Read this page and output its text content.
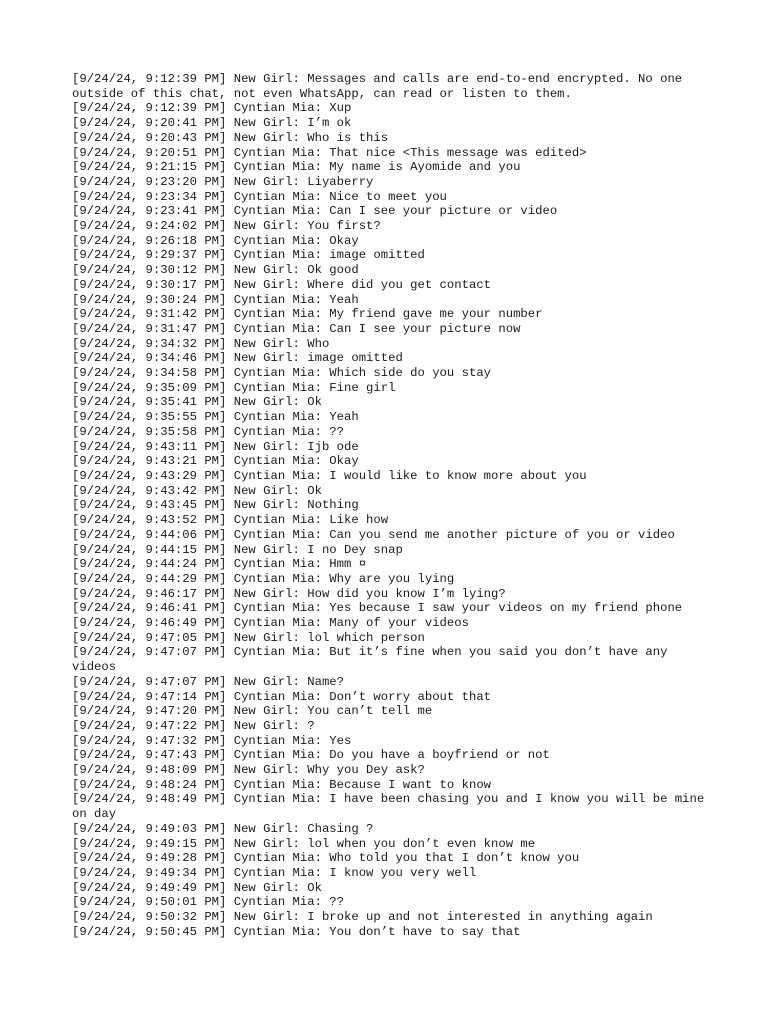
[9/24/24, 9:12:39 PM] New Girl: Messages and calls are end-to-end encrypted. No one outside of this chat, not even WhatsApp, can read or listen to them.
[9/24/24, 9:12:39 PM] Cyntian Mia: Xup
[9/24/24, 9:20:41 PM] New Girl: I’m ok
[9/24/24, 9:20:43 PM] New Girl: Who is this
[9/24/24, 9:20:51 PM] Cyntian Mia: That nice <This message was edited>
[9/24/24, 9:21:15 PM] Cyntian Mia: My name is Ayomide and you
[9/24/24, 9:23:20 PM] New Girl: Liyaberry
[9/24/24, 9:23:34 PM] Cyntian Mia: Nice to meet you
[9/24/24, 9:23:41 PM] Cyntian Mia: Can I see your picture or video
[9/24/24, 9:24:02 PM] New Girl: You first?
[9/24/24, 9:26:18 PM] Cyntian Mia: Okay
[9/24/24, 9:29:37 PM] Cyntian Mia: image omitted
[9/24/24, 9:30:12 PM] New Girl: Ok good
[9/24/24, 9:30:17 PM] New Girl: Where did you get contact
[9/24/24, 9:30:24 PM] Cyntian Mia: Yeah
[9/24/24, 9:31:42 PM] Cyntian Mia: My friend gave me your number
[9/24/24, 9:31:47 PM] Cyntian Mia: Can I see your picture now
[9/24/24, 9:34:32 PM] New Girl: Who
[9/24/24, 9:34:46 PM] New Girl: image omitted
[9/24/24, 9:34:58 PM] Cyntian Mia: Which side do you stay
[9/24/24, 9:35:09 PM] Cyntian Mia: Fine girl
[9/24/24, 9:35:41 PM] New Girl: Ok
[9/24/24, 9:35:55 PM] Cyntian Mia: Yeah
[9/24/24, 9:35:58 PM] Cyntian Mia: ??
[9/24/24, 9:43:11 PM] New Girl: Ijb ode
[9/24/24, 9:43:21 PM] Cyntian Mia: Okay
[9/24/24, 9:43:29 PM] Cyntian Mia: I would like to know more about you
[9/24/24, 9:43:42 PM] New Girl: Ok
[9/24/24, 9:43:45 PM] New Girl: Nothing
[9/24/24, 9:43:52 PM] Cyntian Mia: Like how
[9/24/24, 9:44:06 PM] Cyntian Mia: Can you send me another picture of you or video
[9/24/24, 9:44:15 PM] New Girl: I no Dey snap
[9/24/24, 9:44:24 PM] Cyntian Mia: Hmm ¤
[9/24/24, 9:44:29 PM] Cyntian Mia: Why are you lying
[9/24/24, 9:46:17 PM] New Girl: How did you know I’m lying?
[9/24/24, 9:46:41 PM] Cyntian Mia: Yes because I saw your videos on my friend phone
[9/24/24, 9:46:49 PM] Cyntian Mia: Many of your videos
[9/24/24, 9:47:05 PM] New Girl: lol which person
[9/24/24, 9:47:07 PM] Cyntian Mia: But it’s fine when you said you don’t have any videos
[9/24/24, 9:47:07 PM] New Girl: Name?
[9/24/24, 9:47:14 PM] Cyntian Mia: Don’t worry about that
[9/24/24, 9:47:20 PM] New Girl: You can’t tell me
[9/24/24, 9:47:22 PM] New Girl: ?
[9/24/24, 9:47:32 PM] Cyntian Mia: Yes
[9/24/24, 9:47:43 PM] Cyntian Mia: Do you have a boyfriend or not
[9/24/24, 9:48:09 PM] New Girl: Why you Dey ask?
[9/24/24, 9:48:24 PM] Cyntian Mia: Because I want to know
[9/24/24, 9:48:49 PM] Cyntian Mia: I have been chasing you and I know you will be mine on day
[9/24/24, 9:49:03 PM] New Girl: Chasing ?
[9/24/24, 9:49:15 PM] New Girl: lol when you don’t even know me
[9/24/24, 9:49:28 PM] Cyntian Mia: Who told you that I don’t know you
[9/24/24, 9:49:34 PM] Cyntian Mia: I know you very well
[9/24/24, 9:49:49 PM] New Girl: Ok
[9/24/24, 9:50:01 PM] Cyntian Mia: ??
[9/24/24, 9:50:32 PM] New Girl: I broke up and not interested in anything again
[9/24/24, 9:50:45 PM] Cyntian Mia: You don’t have to say that
